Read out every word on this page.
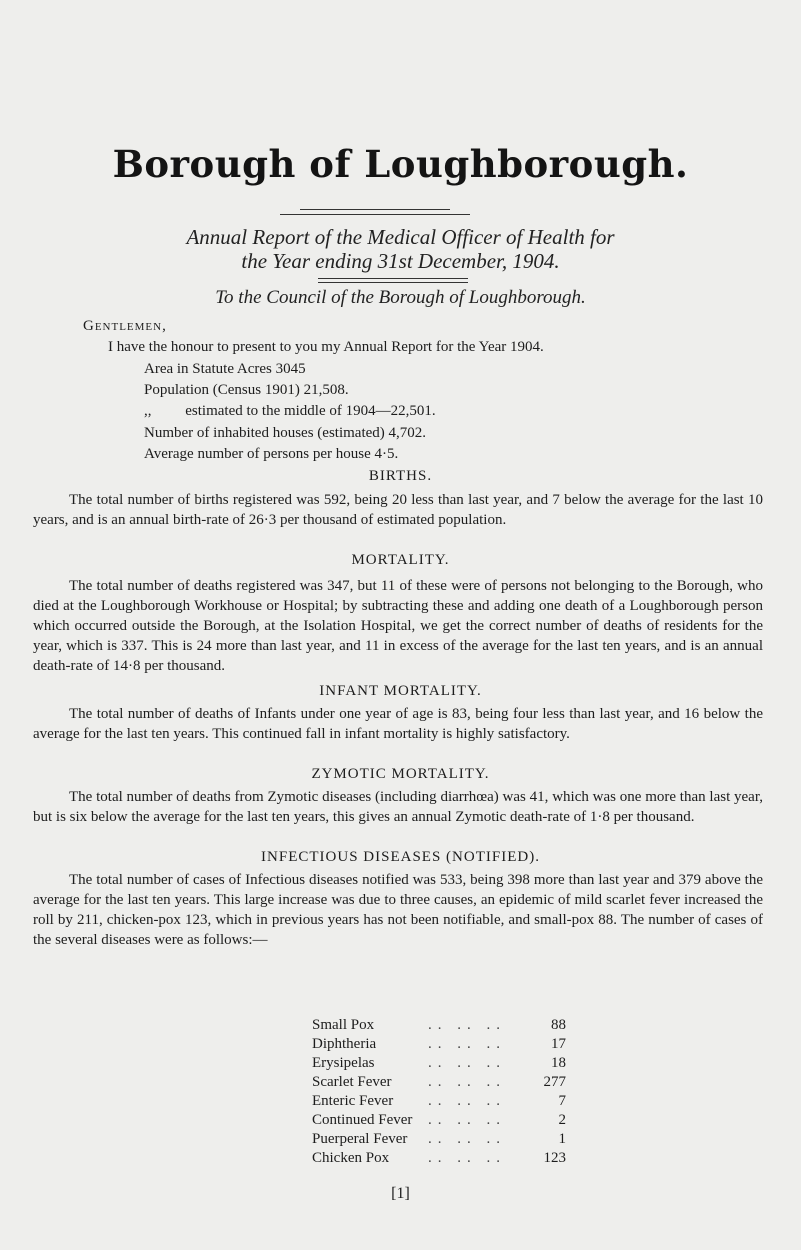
Borough of Loughborough.
Annual Report of the Medical Officer of Health for
the Year ending 31st December, 1904.
To the Council of the Borough of Loughborough.
Gentlemen,
I have the honour to present to you my Annual Report for the Year 1904.
Area in Statute Acres 3045
Population (Census 1901) 21,508.
,,         estimated to the middle of 1904—22,501.
Number of inhabited houses (estimated) 4,702.
Average number of persons per house 4·5.
BIRTHS.
The total number of births registered was 592, being 20 less than last year, and 7 below the average for the last 10 years, and is an annual birth-rate of 26·3 per thousand of estimated population.
MORTALITY.
The total number of deaths registered was 347, but 11 of these were of persons not belonging to the Borough, who died at the Loughborough Workhouse or Hospital; by subtracting these and adding one death of a Loughborough person which occurred outside the Borough, at the Isolation Hospital, we get the correct number of deaths of residents for the year, which is 337. This is 24 more than last year, and 11 in excess of the average for the last ten years, and is an annual death-rate of 14·8 per thousand.
INFANT MORTALITY.
The total number of deaths of Infants under one year of age is 83, being four less than last year, and 16 below the average for the last ten years. This continued fall in infant mortality is highly satisfactory.
ZYMOTIC MORTALITY.
The total number of deaths from Zymotic diseases (including diarrhœa) was 41, which was one more than last year, but is six below the average for the last ten years, this gives an annual Zymotic death-rate of 1·8 per thousand.
INFECTIOUS DISEASES (NOTIFIED).
The total number of cases of Infectious diseases notified was 533, being 398 more than last year and 379 above the average for the last ten years. This large increase was due to three causes, an epidemic of mild scarlet fever increased the roll by 211, chicken-pox 123, which in previous years has not been notifiable, and small-pox 88. The number of cases of the several diseases were as follows:—
Small Pox	.. .. ..	88
Diphtheria	.. .. ..	17
Erysipelas	.. .. ..	18
Scarlet Fever .. .. ..	277
Enteric Fever .. .. ..	7
Continued Fever .. .. ..	2
Puerperal Fever .. .. ..	1
Chicken Pox	.. .. ..	123
[1]
